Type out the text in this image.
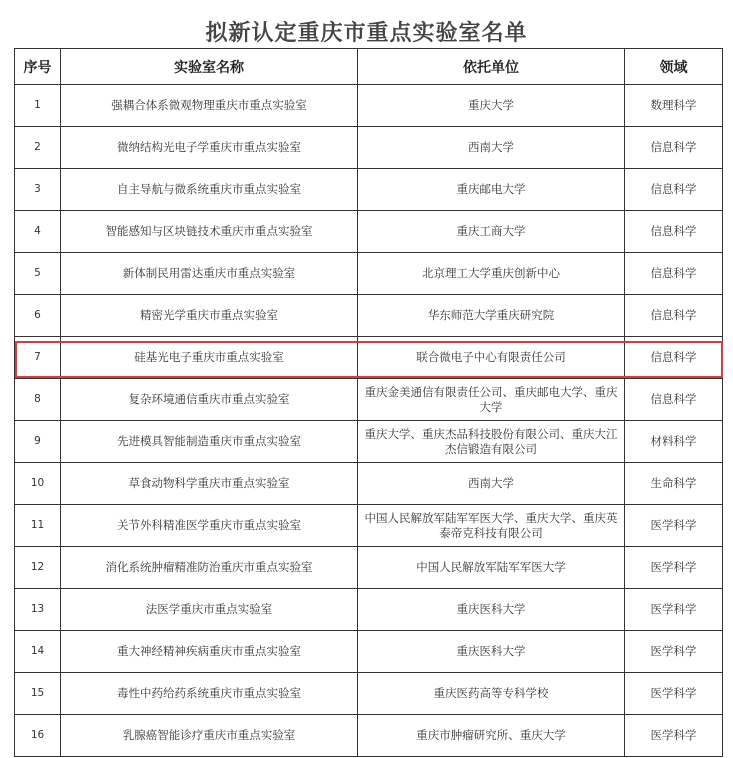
拟新认定重庆市重点实验室名单
序号	实验室名称	依托单位	领域
1	强耦合体系微观物理重庆市重点实验室	重庆大学	数理科学
2	微纳结构光电子学重庆市重点实验室	西南大学	信息科学
3	自主导航与微系统重庆市重点实验室	重庆邮电大学	信息科学
4	智能感知与区块链技术重庆市重点实验室	重庆工商大学	信息科学
5	新体制民用雷达重庆市重点实验室	北京理工大学重庆创新中心	信息科学
6	精密光学重庆市重点实验室	华东师范大学重庆研究院	信息科学
7	硅基光电子重庆市重点实验室	联合微电子中心有限责任公司	信息科学
8	复杂环境通信重庆市重点实验室	重庆金美通信有限责任公司、重庆邮电大学、重庆大学	信息科学
9	先进模具智能制造重庆市重点实验室	重庆大学、重庆杰品科技股份有限公司、重庆大江杰信锻造有限公司	材料科学
10	草食动物科学重庆市重点实验室	西南大学	生命科学
11	关节外科精准医学重庆市重点实验室	中国人民解放军陆军军医大学、重庆大学、重庆英泰帝克科技有限公司	医学科学
12	消化系统肿瘤精准防治重庆市重点实验室	中国人民解放军陆军军医大学	医学科学
13	法医学重庆市重点实验室	重庆医科大学	医学科学
14	重大神经精神疾病重庆市重点实验室	重庆医科大学	医学科学
15	毒性中药给药系统重庆市重点实验室	重庆医药高等专科学校	医学科学
16	乳腺癌智能诊疗重庆市重点实验室	重庆市肿瘤研究所、重庆大学	医学科学
